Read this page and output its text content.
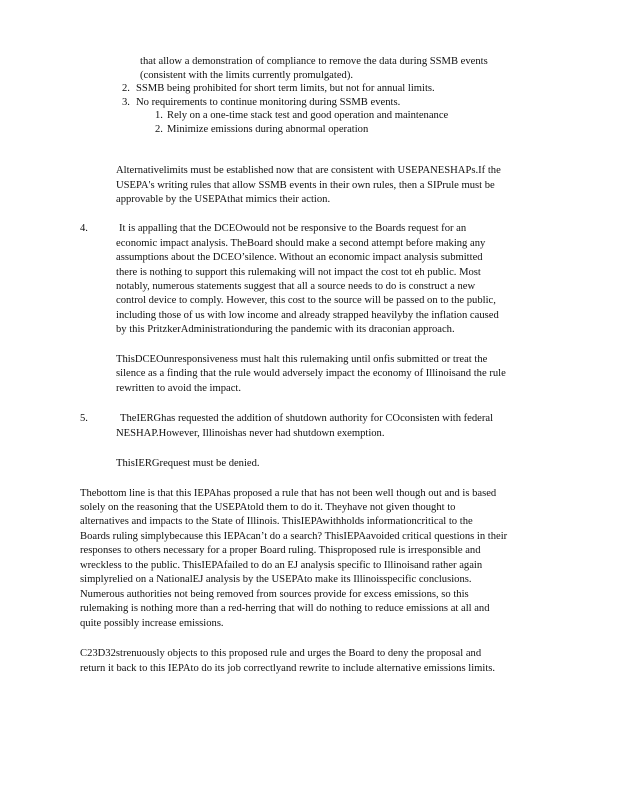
that allow a demonstration of compliance to remove the data during SSMB events
(consistent with the limits currently promulgated).
2. SSMB being prohibited for short term limits, but not for annual limits.
3. No requirements to continue monitoring during SSMB events.
1. Rely on a one-time stack test and good operation and maintenance
2. Minimize emissions during abnormal operation
Alternativelimits must be established now that are consistent with USEPANESHAPs.If the
USEPA's writing rules that allow SSMB events in their own rules, then a SIPrule must be
approvable by the USEPAthat mimics their action.
4.	It is appalling that the DCEOwould not be responsive to the Boards request for an
economic impact analysis. TheBoard should make a second attempt before making any
assumptions about the DCEO’silence. Without an economic impact analysis submitted
there is nothing to support this rulemaking will not impact the cost tot eh public. Most
notably, numerous statements suggest that all a source needs to do is construct a new
control device to comply. However, this cost to the source will be passed on to the public,
including those of us with low income and already strapped heavilyby the inflation caused
by this PritzkerAdministrationduring the pandemic with its draconian approach.
ThisDCEOunresponsiveness must halt this rulemaking until onfis submitted or treat the
silence as a finding that the rule would adversely impact the economy of Illinoisand the rule
rewritten to avoid the impact.
5.	TheIERGhas requested the addition of shutdown authority for COconsisten with federal
NESHAP.However, Illinoishas never had shutdown exemption.
ThisIERGrequest must be denied.
Thebottom line is that this IEPAhas proposed a rule that has not been well though out and is based
solely on the reasoning that the USEPAtold them to do it. Theyhave not given thought to
alternatives and impacts to the State of Illinois. ThisIEPAwithholds informationcritical to the
Boards ruling simplybecause this IEPAcan’t do a search? ThisIEPAavoided critical questions in their
responses to others necessary for a proper Board ruling. Thisproposed rule is irresponsible and
wreckless to the public. ThisIEPAfailed to do an EJ analysis specific to Illinoisand rather again
simplyrelied on a NationalEJ analysis by the USEPAto make its Illinoisspecific conclusions.
Numerous authorities not being removed from sources provide for excess emissions, so this
rulemaking is nothing more than a red-herring that will do nothing to reduce emissions at all and
quite possibly increase emissions.
C23D32strenuously objects to this proposed rule and urges the Board to deny the proposal and
return it back to this IEPAto do its job correctlyand rewrite to include alternative emissions limits.
